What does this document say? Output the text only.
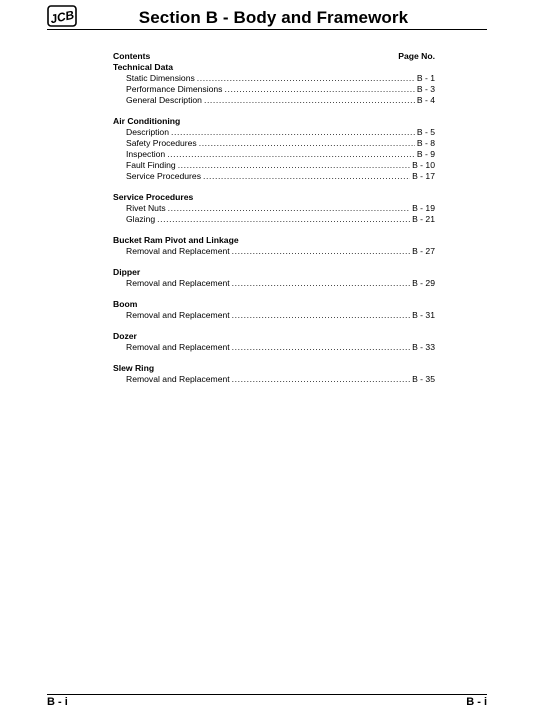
JCB	Section B - Body and Framework
Contents	Page No.
Technical Data
Static Dimensions .....	B - 1
Performance Dimensions .....	B - 3
General Description .....	B - 4
Air Conditioning
Description .....	B - 5
Safety Procedures .....	B - 8
Inspection .....	B - 9
Fault Finding .....	B - 10
Service Procedures .....	B - 17
Service Procedures
Rivet Nuts .....	B - 19
Glazing .....	B - 21
Bucket Ram Pivot and Linkage
Removal and Replacement .....	B - 27
Dipper
Removal and Replacement .....	B - 29
Boom
Removal and Replacement .....	B - 31
Dozer
Removal and Replacement .....	B - 33
Slew Ring
Removal and Replacement .....	B - 35
B - i	B - i
